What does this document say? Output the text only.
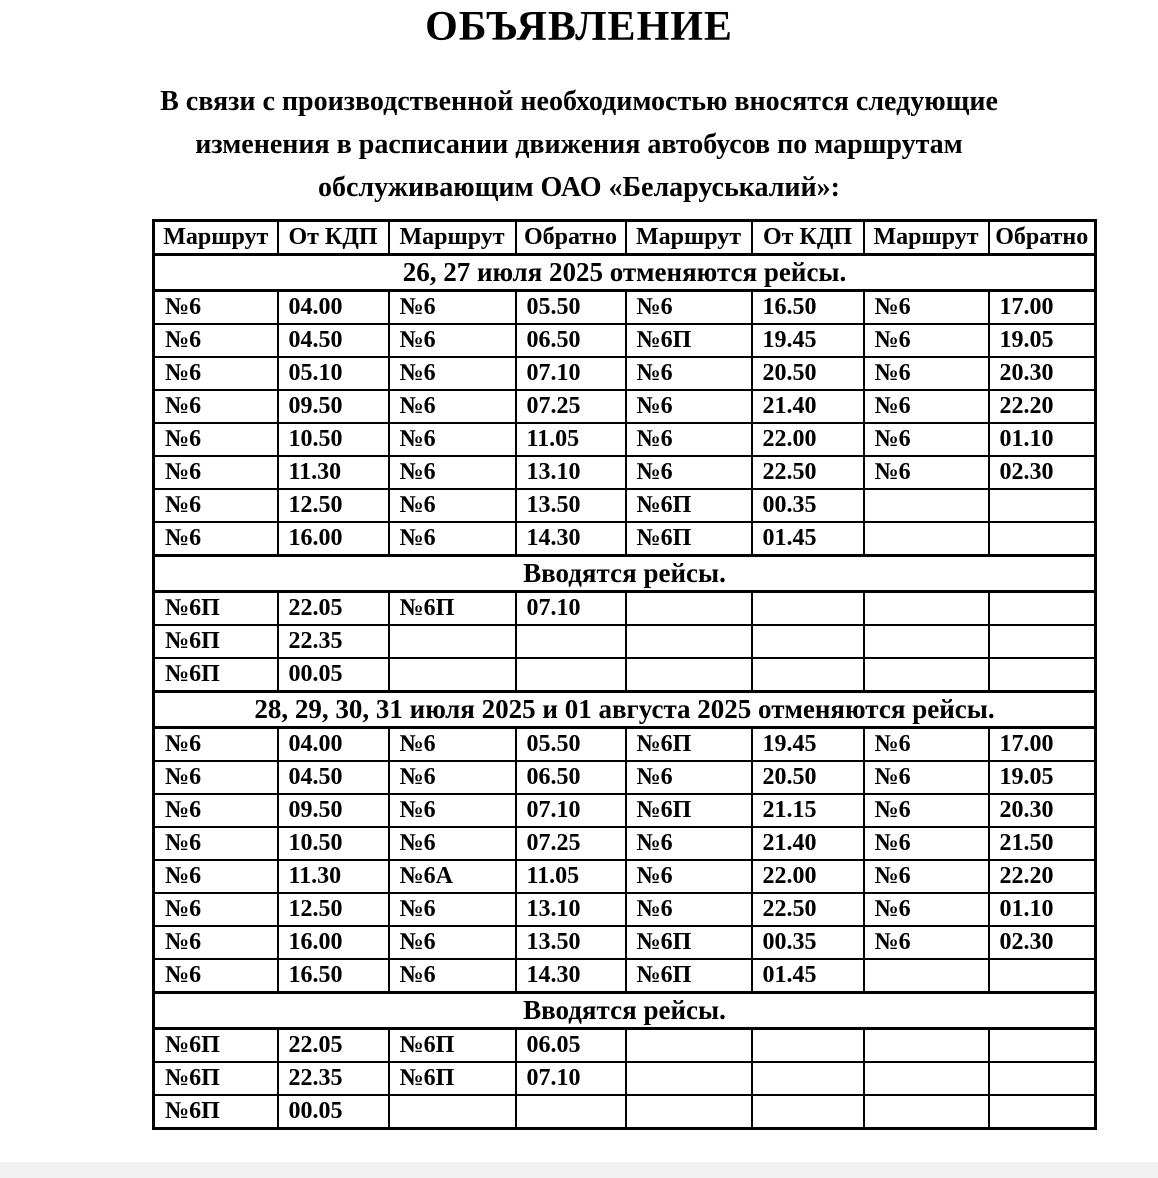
ОБЪЯВЛЕНИЕ

В связи с производственной необходимостью вносятся следующие изменения в расписании движения автобусов по маршрутам обслуживающим ОАО «Беларуськалий»:

Маршрут	От КДП	Маршрут	Обратно	Маршрут	От КДП	Маршрут	Обратно
26, 27 июля 2025 отменяются рейсы.							
№6	04.00	№6	05.50	№6	16.50	№6	17.00
№6	04.50	№6	06.50	№6П	19.45	№6	19.05
№6	05.10	№6	07.10	№6	20.50	№6	20.30
№6	09.50	№6	07.25	№6	21.40	№6	22.20
№6	10.50	№6	11.05	№6	22.00	№6	01.10
№6	11.30	№6	13.10	№6	22.50	№6	02.30
№6	12.50	№6	13.50	№6П	00.35		
№6	16.00	№6	14.30	№6П	01.45		
Вводятся рейсы.							
№6П	22.05	№6П	07.10				
№6П	22.35						
№6П	00.05						
28, 29, 30, 31 июля 2025 и 01 августа 2025 отменяются рейсы.							
№6	04.00	№6	05.50	№6П	19.45	№6	17.00
№6	04.50	№6	06.50	№6	20.50	№6	19.05
№6	09.50	№6	07.10	№6П	21.15	№6	20.30
№6	10.50	№6	07.25	№6	21.40	№6	21.50
№6	11.30	№6А	11.05	№6	22.00	№6	22.20
№6	12.50	№6	13.10	№6	22.50	№6	01.10
№6	16.00	№6	13.50	№6П	00.35	№6	02.30
№6	16.50	№6	14.30	№6П	01.45		
Вводятся рейсы.							
№6П	22.05	№6П	06.05				
№6П	22.35	№6П	07.10				
№6П	00.05						
